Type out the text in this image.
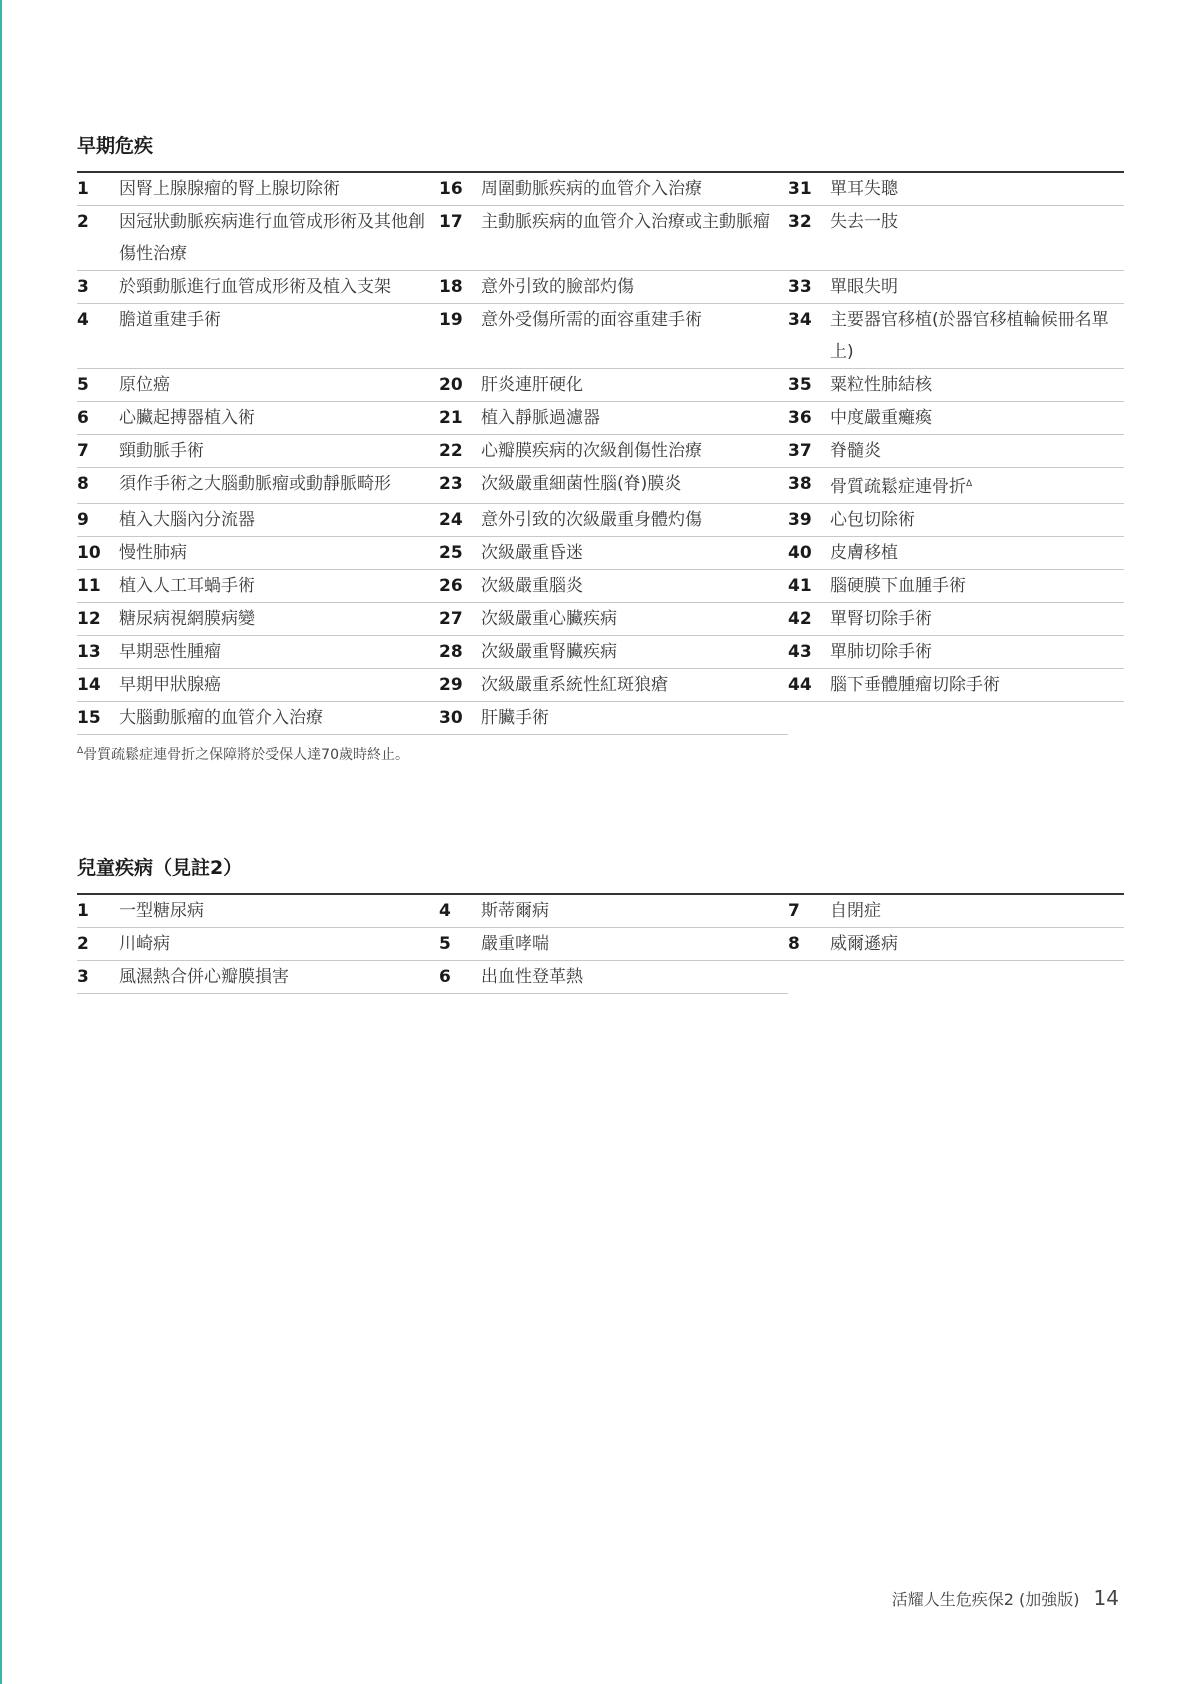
早期危疾
1	因腎上腺腺瘤的腎上腺切除術
2	因冠狀動脈疾病進行血管成形術及其他創傷性治療
3	於頸動脈進行血管成形術及植入支架
4	膽道重建手術
5	原位癌
6	心臟起搏器植入術
7	頸動脈手術
8	須作手術之大腦動脈瘤或動靜脈畸形
9	植入大腦內分流器
10	慢性肺病
11	植入人工耳蝸手術
12	糖尿病視網膜病變
13	早期惡性腫瘤
14	早期甲狀腺癌
15	大腦動脈瘤的血管介入治療
16	周圍動脈疾病的血管介入治療
17	主動脈疾病的血管介入治療或主動脈瘤
18	意外引致的臉部灼傷
19	意外受傷所需的面容重建手術
20	肝炎連肝硬化
21	植入靜脈過濾器
22	心瓣膜疾病的次級創傷性治療
23	次級嚴重細菌性腦(脊)膜炎
24	意外引致的次級嚴重身體灼傷
25	次級嚴重昏迷
26	次級嚴重腦炎
27	次級嚴重心臟疾病
28	次級嚴重腎臟疾病
29	次級嚴重系統性紅斑狼瘡
30	肝臟手術
31	單耳失聰
32	失去一肢
33	單眼失明
34	主要器官移植(於器官移植輪候冊名單上)
35	粟粒性肺結核
36	中度嚴重癱瘓
37	脊髓炎
38	骨質疏鬆症連骨折$^\Delta$
39	心包切除術
40	皮膚移植
41	腦硬膜下血腫手術
42	單腎切除手術
43	單肺切除手術
44	腦下垂體腫瘤切除手術
$^\Delta$骨質疏鬆症連骨折之保障將於受保人達70歲時終止。
兒童疾病（見註2）
1	一型糖尿病
2	川崎病
3	風濕熱合併心瓣膜損害
4	斯蒂爾病
5	嚴重哮喘
6	出血性登革熱
7	自閉症
8	威爾遜病
活耀人生危疾保2 (加強版) 14
